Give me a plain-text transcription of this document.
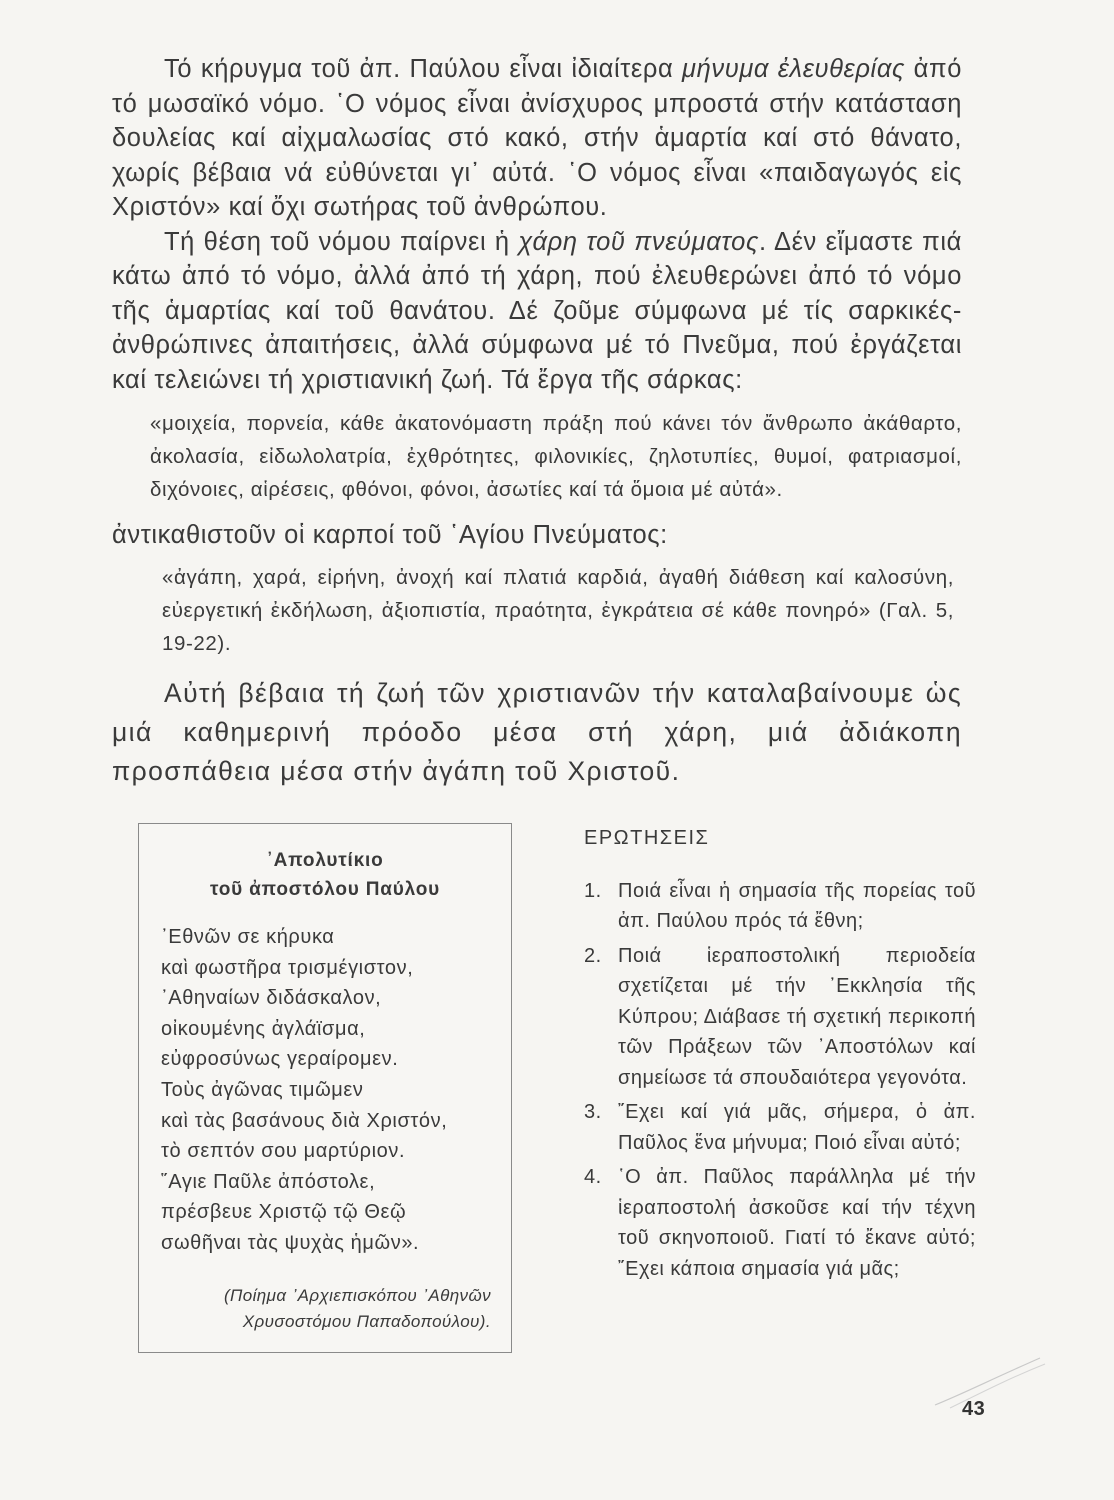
Τό κήρυγμα τοῦ ἀπ. Παύλου εἶναι ἰδιαίτερα μήνυμα ἐλευθερίας ἀπό τό μωσαϊκό νόμο. ῾Ο νόμος εἶναι ἀνίσχυρος μπροστά στήν κατάσταση δουλείας καί αἰχμαλωσίας στό κακό, στήν ἁμαρτία καί στό θάνατο, χωρίς βέβαια νά εὐθύνεται γι᾿ αὐτά. ῾Ο νόμος εἶναι «παιδαγωγός εἰς Χριστόν» καί ὄχι σωτήρας τοῦ ἀνθρώπου.

Τή θέση τοῦ νόμου παίρνει ἡ χάρη τοῦ πνεύματος. Δέν εἴμαστε πιά κάτω ἀπό τό νόμο, ἀλλά ἀπό τή χάρη, πού ἐλευθερώνει ἀπό τό νόμο τῆς ἁμαρτίας καί τοῦ θανάτου. Δέ ζοῦμε σύμφωνα μέ τίς σαρκικές-ἀνθρώπινες ἀπαιτήσεις, ἀλλά σύμφωνα μέ τό Πνεῦμα, πού ἐργάζεται καί τελειώνει τή χριστιανική ζωή. Τά ἔργα τῆς σάρκας:

«μοιχεία, πορνεία, κάθε ἀκατονόμαστη πράξη πού κάνει τόν ἄνθρωπο ἀκάθαρτο, ἀκολασία, εἰδωλολατρία, ἐχθρότητες, φιλονικίες, ζηλοτυπίες, θυμοί, φατριασμοί, διχόνοιες, αἱρέσεις, φθόνοι, φόνοι, ἀσωτίες καί τά ὅμοια μέ αὐτά».

ἀντικαθιστοῦν οἱ καρποί τοῦ ῾Αγίου Πνεύματος:

«ἀγάπη, χαρά, εἰρήνη, ἀνοχή καί πλατιά καρδιά, ἀγαθή διάθεση καί καλοσύνη, εὐεργετική ἐκδήλωση, ἀξιοπιστία, πραότητα, ἐγκράτεια σέ κάθε πονηρό» (Γαλ. 5, 19-22).

Αὐτή βέβαια τή ζωή τῶν χριστιανῶν τήν καταλαβαίνουμε ὡς μιά καθημερινή πρόοδο μέσα στή χάρη, μιά ἀδιάκοπη προσπάθεια μέσα στήν ἀγάπη τοῦ Χριστοῦ.

᾿Απολυτίκιο
τοῦ ἀποστόλου Παύλου
᾿Εθνῶν σε κήρυκα
καὶ φωστῆρα τρισμέγιστον,
᾿Αθηναίων διδάσκαλον,
οἰκουμένης ἀγλάϊσμα,
εὐφροσύνως γεραίρομεν.
Τοὺς ἀγῶνας τιμῶμεν
καὶ τὰς βασάνους διὰ Χριστόν,
τὸ σεπτόν σου μαρτύριον.
῞Αγιε Παῦλε ἀπόστολε,
πρέσβευε Χριστῷ τῷ Θεῷ
σωθῆναι τὰς ψυχὰς ἡμῶν».
(Ποίημα ᾿Αρχιεπισκόπου ᾿Αθηνῶν
Χρυσοστόμου Παπαδοπούλου).
ΕΡΩΤΗΣΕΙΣ
1. Ποιά εἶναι ἡ σημασία τῆς πορείας τοῦ ἀπ. Παύλου πρός τά ἔθνη;
2. Ποιά ἱεραποστολική περιοδεία σχετίζεται μέ τήν ᾿Εκκλησία τῆς Κύπρου; Διάβασε τή σχετική περικοπή τῶν Πράξεων τῶν ᾿Αποστόλων καί σημείωσε τά σπουδαιότερα γεγονότα.
3. ῎Εχει καί γιά μᾶς, σήμερα, ὁ ἀπ. Παῦλος ἕνα μήνυμα; Ποιό εἶναι αὐτό;
4. ῾Ο ἀπ. Παῦλος παράλληλα μέ τήν ἱεραποστολή ἀσκοῦσε καί τήν τέχνη τοῦ σκηνοποιοῦ. Γιατί τό ἔκανε αὐτό; ῎Εχει κάποια σημασία γιά μᾶς;
43
